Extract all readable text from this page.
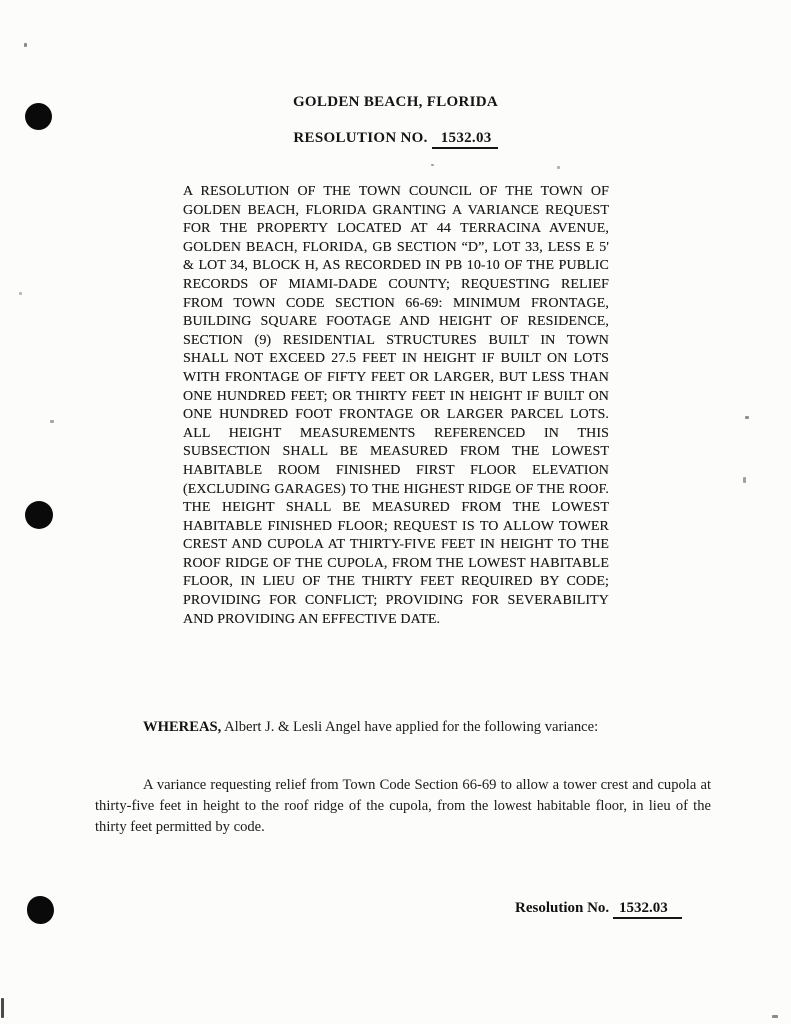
GOLDEN BEACH, FLORIDA
RESOLUTION NO. 1532.03
A RESOLUTION OF THE TOWN COUNCIL OF THE TOWN OF GOLDEN BEACH, FLORIDA GRANTING A VARIANCE REQUEST FOR THE PROPERTY LOCATED AT 44 TERRACINA AVENUE, GOLDEN BEACH, FLORIDA, GB SECTION “D”, LOT 33, LESS E 5' & LOT 34, BLOCK H, AS RECORDED IN PB 10-10 OF THE PUBLIC RECORDS OF MIAMI-DADE COUNTY; REQUESTING RELIEF FROM TOWN CODE SECTION 66-69: MINIMUM FRONTAGE, BUILDING SQUARE FOOTAGE AND HEIGHT OF RESIDENCE, SECTION (9) RESIDENTIAL STRUCTURES BUILT IN TOWN SHALL NOT EXCEED 27.5 FEET IN HEIGHT IF BUILT ON LOTS WITH FRONTAGE OF FIFTY FEET OR LARGER, BUT LESS THAN ONE HUNDRED FEET; OR THIRTY FEET IN HEIGHT IF BUILT ON ONE HUNDRED FOOT FRONTAGE OR LARGER PARCEL LOTS. ALL HEIGHT MEASUREMENTS REFERENCED IN THIS SUBSECTION SHALL BE MEASURED FROM THE LOWEST HABITABLE ROOM FINISHED FIRST FLOOR ELEVATION (EXCLUDING GARAGES) TO THE HIGHEST RIDGE OF THE ROOF. THE HEIGHT SHALL BE MEASURED FROM THE LOWEST HABITABLE FINISHED FLOOR; REQUEST IS TO ALLOW TOWER CREST AND CUPOLA AT THIRTY-FIVE FEET IN HEIGHT TO THE ROOF RIDGE OF THE CUPOLA, FROM THE LOWEST HABITABLE FLOOR, IN LIEU OF THE THIRTY FEET REQUIRED BY CODE; PROVIDING FOR CONFLICT; PROVIDING FOR SEVERABILITY AND PROVIDING AN EFFECTIVE DATE.
WHEREAS, Albert J. & Lesli Angel have applied for the following variance:
A variance requesting relief from Town Code Section 66-69 to allow a tower crest and cupola at thirty-five feet in height to the roof ridge of the cupola, from the lowest habitable floor, in lieu of the thirty feet permitted by code.
Resolution No. 1532.03
